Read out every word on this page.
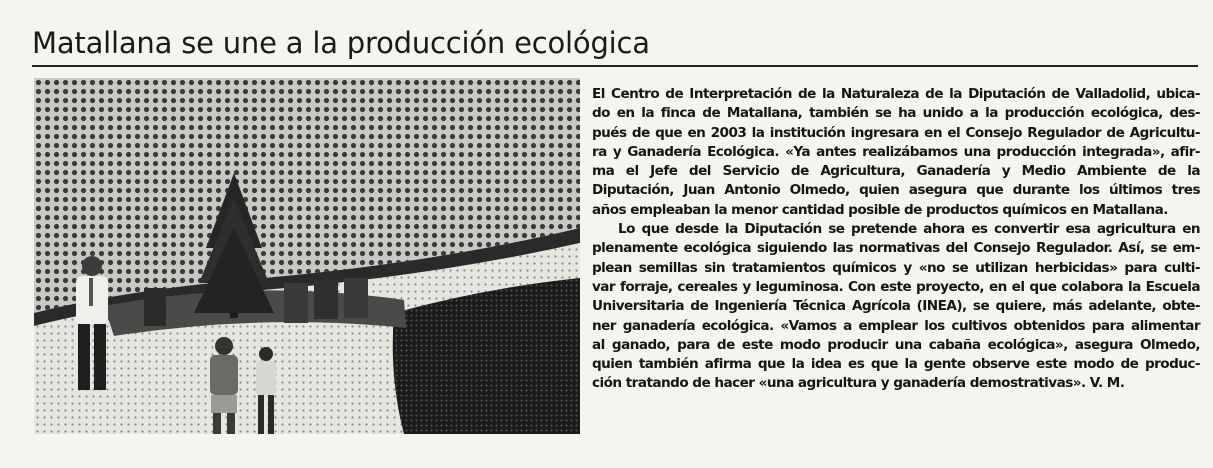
Matallana se une a la producción ecológica
El Centro de Interpretación de la Naturaleza de la Diputación de Valladolid, ubica-
do en la finca de Matallana, también se ha unido a la producción ecológica, des-
pués de que en 2003 la institución ingresara en el Consejo Regulador de Agricultu-
ra y Ganadería Ecológica. «Ya antes realizábamos una producción integrada», afir-
ma el Jefe del Servicio de Agricultura, Ganadería y Medio Ambiente de la
Diputación, Juan Antonio Olmedo, quien asegura que durante los últimos tres
años empleaban la menor cantidad posible de productos químicos en Matallana.
Lo que desde la Diputación se pretende ahora es convertir esa agricultura en
plenamente ecológica siguiendo las normativas del Consejo Regulador. Así, se em-
plean semillas sin tratamientos químicos y «no se utilizan herbicidas» para culti-
var forraje, cereales y leguminosa. Con este proyecto, en el que colabora la Escuela
Universitaria de Ingeniería Técnica Agrícola (INEA), se quiere, más adelante, obte-
ner ganadería ecológica. «Vamos a emplear los cultivos obtenidos para alimentar
al ganado, para de este modo producir una cabaña ecológica», asegura Olmedo,
quien también afirma que la idea es que la gente observe este modo de produc-
ción tratando de hacer «una agricultura y ganadería demostrativas». V. M.
